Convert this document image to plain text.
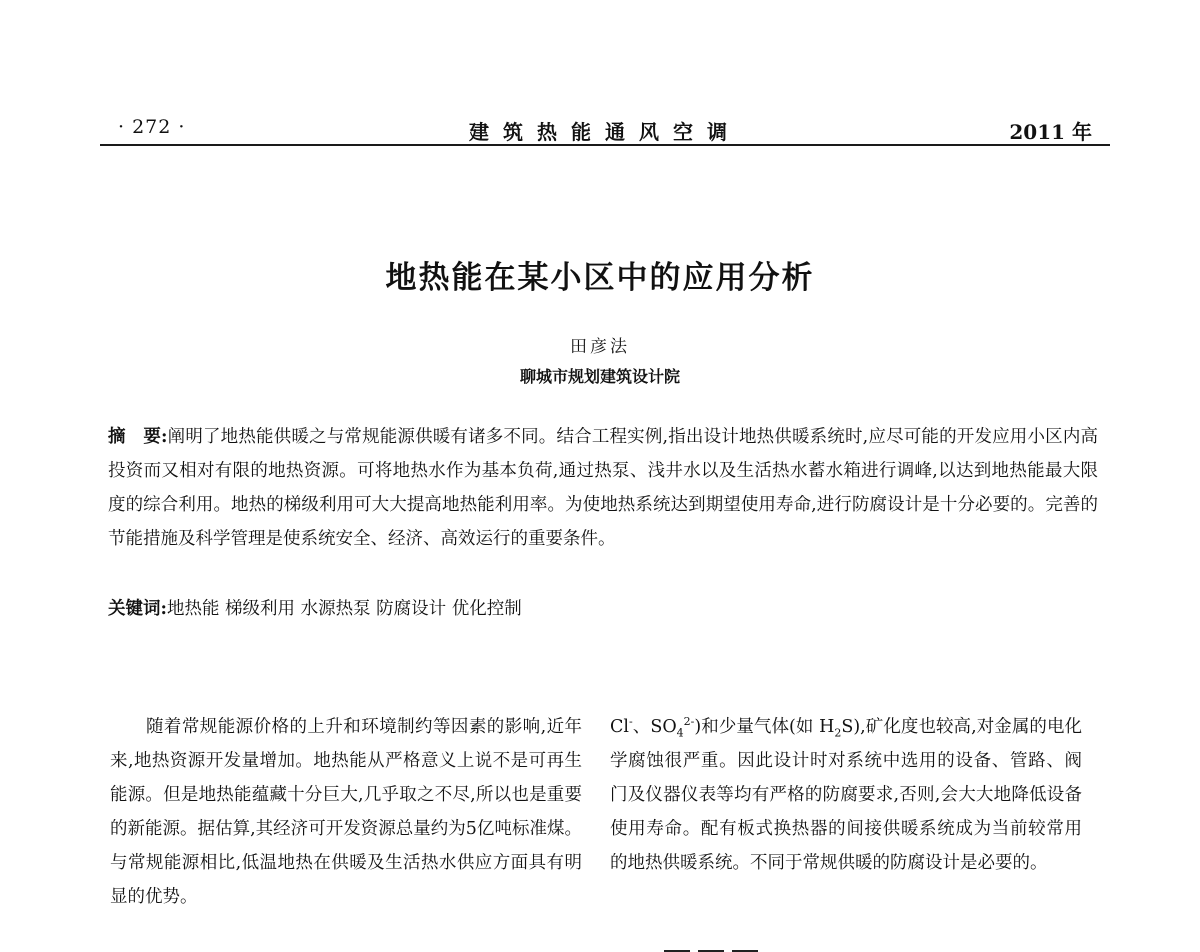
· 272 ·	建筑热能通风空调	2011 年
地热能在某小区中的应用分析
田彦法
聊城市规划建筑设计院

摘　要:阐明了地热能供暖之与常规能源供暖有诸多不同。结合工程实例,指出设计地热供暖系统时,应尽可能的开发应用小区内高投资而又相对有限的地热资源。可将地热水作为基本负荷,通过热泵、浅井水以及生活热水蓄水箱进行调峰,以达到地热能最大限度的综合利用。地热的梯级利用可大大提高地热能利用率。为使地热系统达到期望使用寿命,进行防腐设计是十分必要的。完善的节能措施及科学管理是使系统安全、经济、高效运行的重要条件。

关键词:地热能 梯级利用 水源热泵 防腐设计 优化控制

随着常规能源价格的上升和环境制约等因素的影响,近年来,地热资源开发量增加。地热能从严格意义上说不是可再生能源。但是地热能蕴藏十分巨大,几乎取之不尽,所以也是重要的新能源。据估算,其经济可开发资源总量约为5亿吨标准煤。与常规能源相比,低温地热在供暖及生活热水供应方面具有明显的优势。

Cl-、$SO_4^{2-}$)和少量气体(如 $H_2S$),矿化度也较高,对金属的电化学腐蚀很严重。因此设计时对系统中选用的设备、管路、阀门及仪器仪表等均有严格的防腐要求,否则,会大大地降低设备使用寿命。配有板式换热器的间接供暖系统成为当前较常用的地热供暖系统。不同于常规供暖的防腐设计是必要的。
